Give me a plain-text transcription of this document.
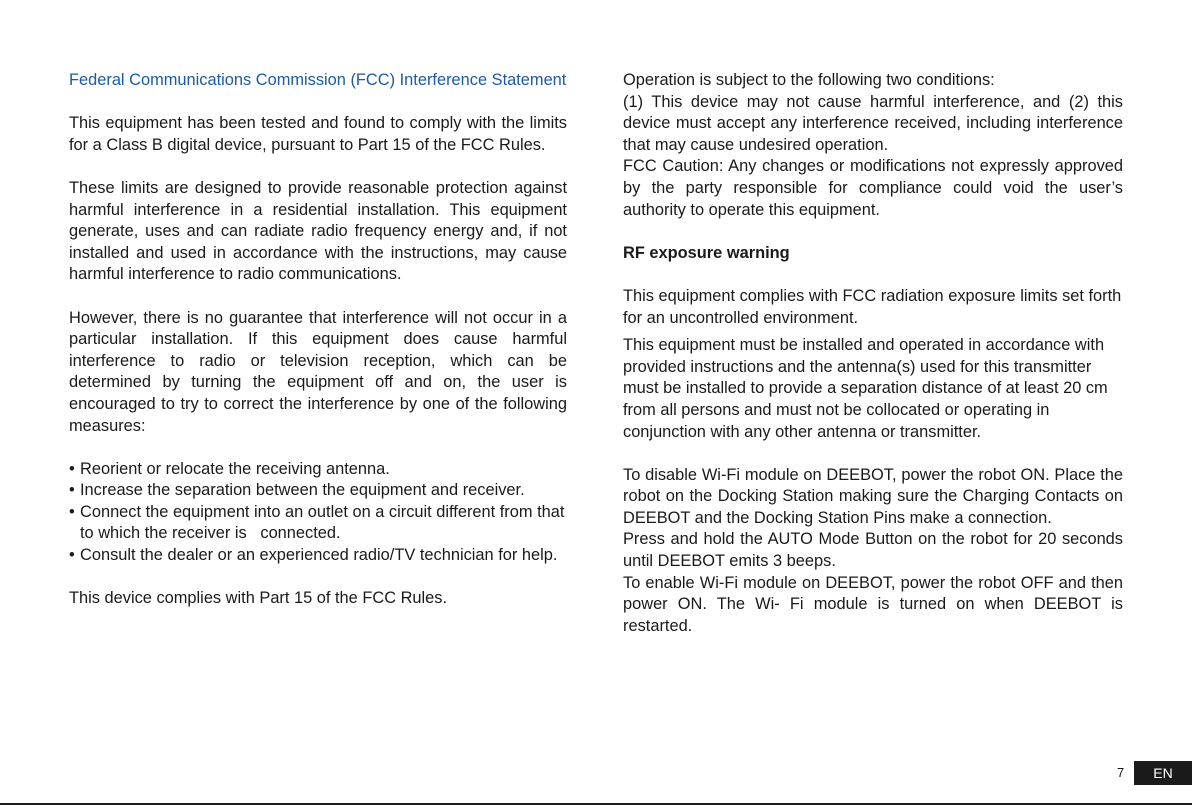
Federal Communications Commission (FCC) Interference Statement

This equipment has been tested and found to comply with the limits for a Class B digital device, pursuant to Part 15 of the FCC Rules.

These limits are designed to provide reasonable protection against harmful interference in a residential installation. This equipment generate, uses and can radiate radio frequency energy and, if not installed and used in accordance with the instructions, may cause harmful interference to radio communications.

However, there is no guarantee that interference will not occur in a particular installation. If this equipment does cause harmful interference to radio or television reception, which can be determined by turning the equipment off and on, the user is encouraged to try to correct the interference by one of the following measures:

• Reorient or relocate the receiving antenna.
• Increase the separation between the equipment and receiver.
• Connect the equipment into an outlet on a circuit different from that to which the receiver is   connected.
• Consult the dealer or an experienced radio/TV technician for help.

This device complies with Part 15 of the FCC Rules.

Operation is subject to the following two conditions:

(1) This device may not cause harmful interference, and (2) this device must accept any interference received, including interference that may cause undesired operation.

FCC Caution: Any changes or modifications not expressly approved by the party responsible for compliance could void the user’s authority to operate this equipment.

RF exposure warning

This equipment complies with FCC radiation exposure limits set forth for an uncontrolled environment.

This equipment must be installed and operated in accordance with provided instructions and the antenna(s) used for this transmitter must be installed to provide a separation distance of at least 20 cm from all persons and must not be collocated or operating in conjunction with any other antenna or transmitter.

To disable Wi-Fi module on DEEBOT, power the robot ON. Place the robot on the Docking Station making sure the Charging Contacts on DEEBOT and the Docking Station Pins make a connection.

Press and hold the AUTO Mode Button on the robot for 20 seconds until DEEBOT emits 3 beeps.

To enable Wi-Fi module on DEEBOT, power the robot OFF and then power ON. The Wi- Fi module is turned on when DEEBOT is restarted.

7	EN
